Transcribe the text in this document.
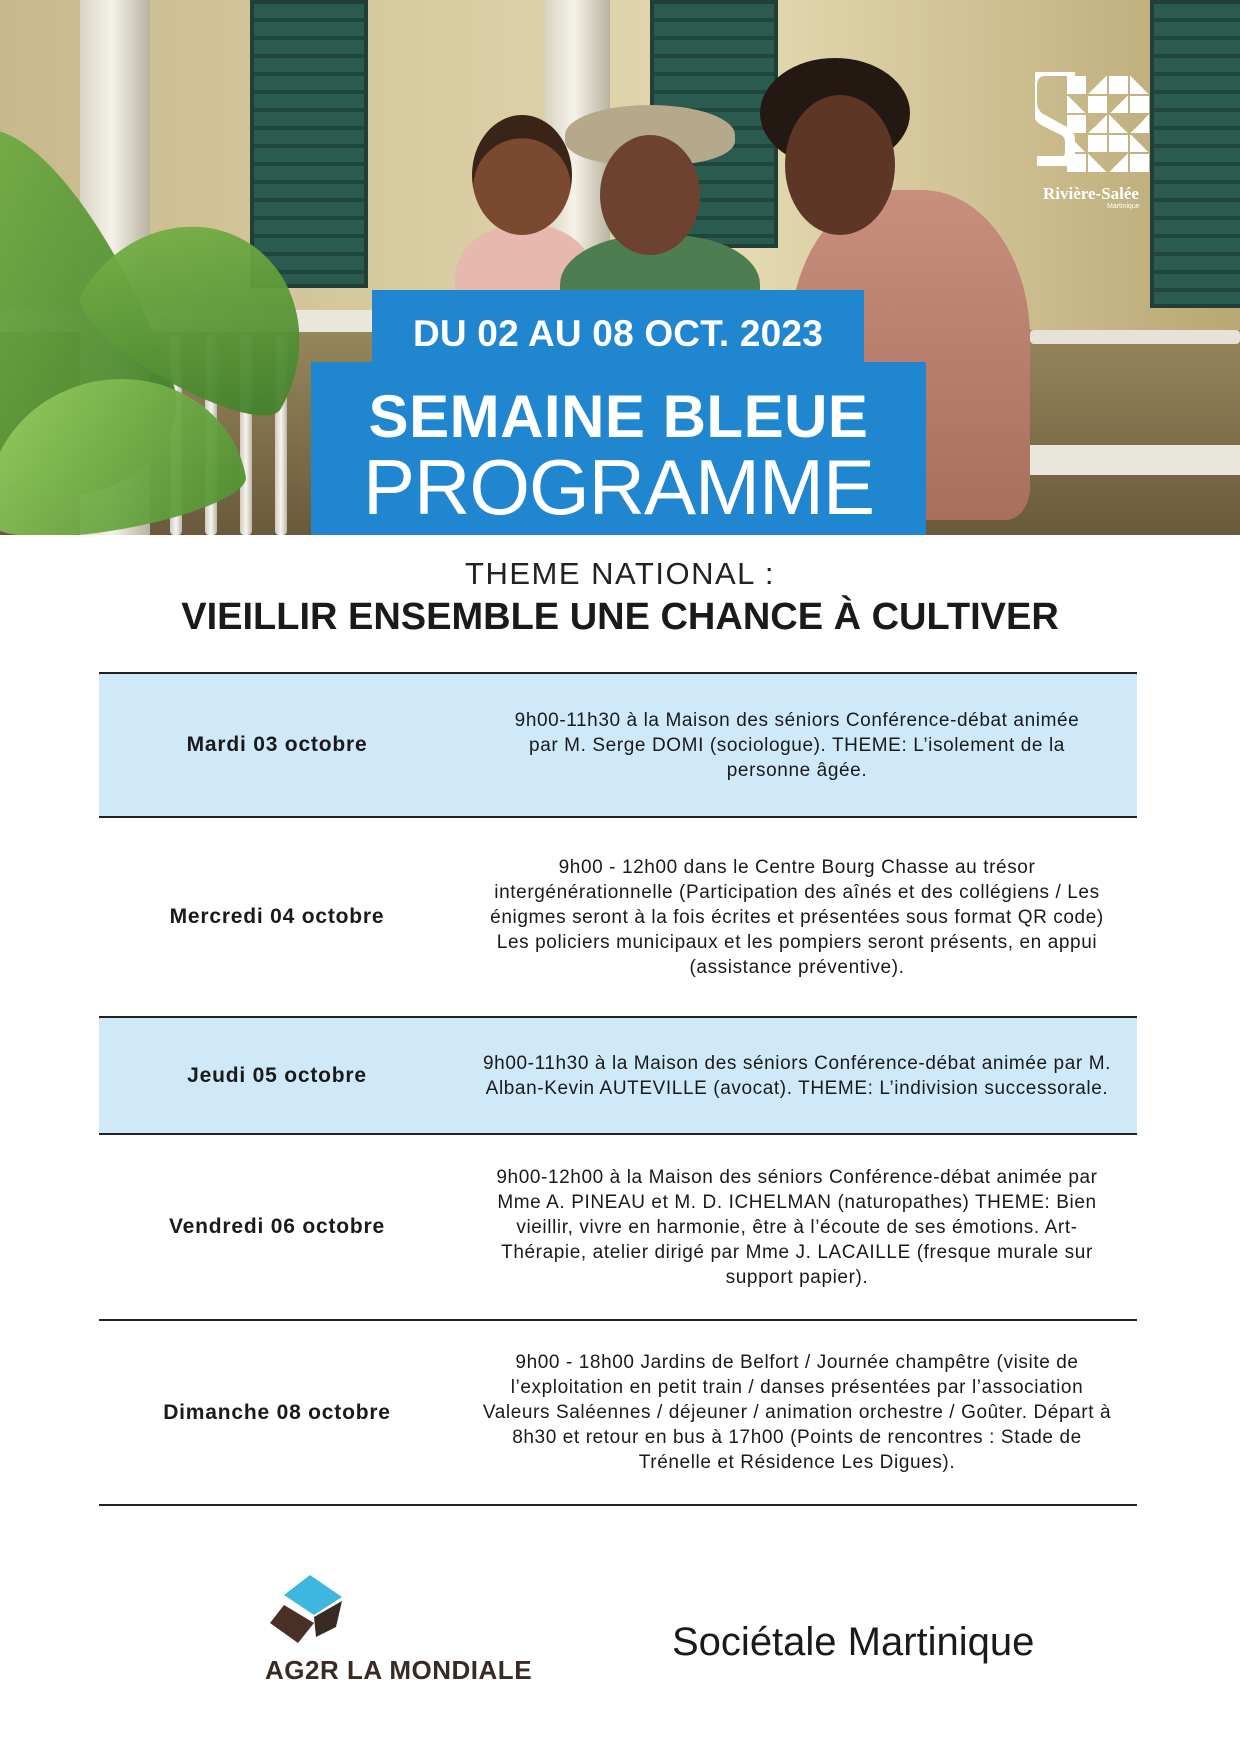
Rivière-Salée
Martinique
DU 02 AU 08 OCT. 2023
SEMAINE BLEUE
PROGRAMME
THEME NATIONAL :
VIEILLIR ENSEMBLE UNE CHANCE À CULTIVER
Mardi 03 octobre
9h00-11h30 à la Maison des séniors Conférence-débat animée par M. Serge DOMI (sociologue). THEME: L’isolement de la personne âgée.
Mercredi 04 octobre
9h00 - 12h00 dans le Centre Bourg Chasse au trésor intergénérationnelle (Participation des aînés et des collégiens / Les énigmes seront à la fois écrites et présentées sous format QR code) Les policiers municipaux et les pompiers seront présents, en appui (assistance préventive).
Jeudi 05 octobre
9h00-11h30 à la Maison des séniors Conférence-débat animée par M. Alban-Kevin AUTEVILLE (avocat). THEME: L’indivision successorale.
Vendredi 06 octobre
9h00-12h00 à la Maison des séniors Conférence-débat animée par Mme A. PINEAU et M. D. ICHELMAN (naturopathes) THEME: Bien vieillir, vivre en harmonie, être à l’écoute de ses émotions. Art-Thérapie, atelier dirigé par Mme J. LACAILLE (fresque murale sur support papier).
Dimanche 08 octobre
9h00 - 18h00 Jardins de Belfort / Journée champêtre (visite de l’exploitation en petit train / danses présentées par l’association Valeurs Saléennes / déjeuner / animation orchestre / Goûter. Départ à 8h30 et retour en bus à 17h00 (Points de rencontres : Stade de Trénelle et Résidence Les Digues).
AG2R LA MONDIALE
Sociétale Martinique
